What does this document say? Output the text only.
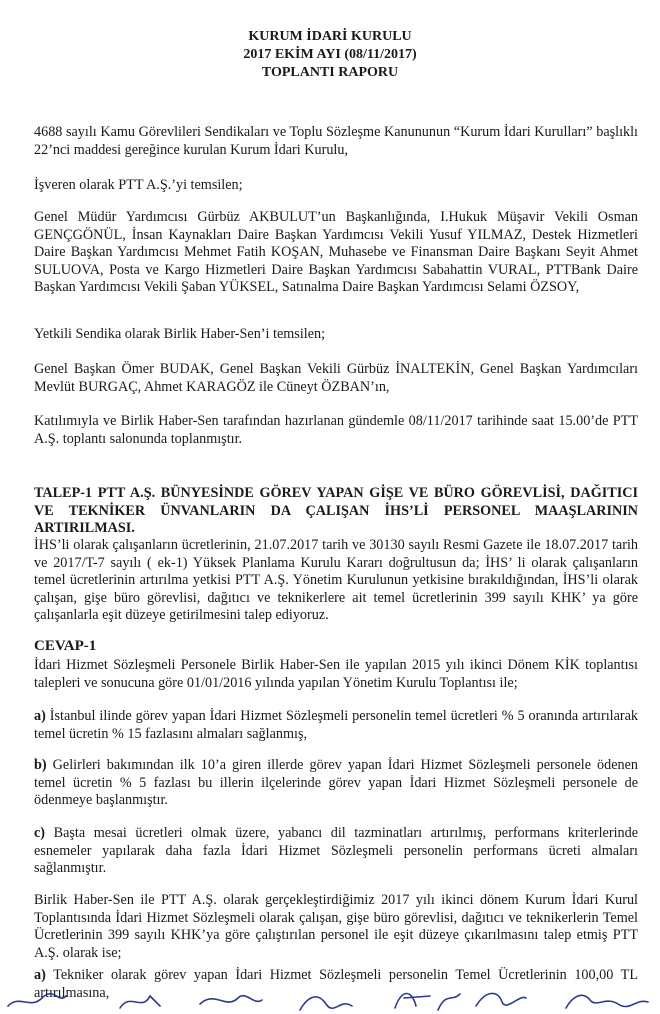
KURUM İDARİ KURULU
2017 EKİM AYI (08/11/2017)
TOPLANTI RAPORU

4688 sayılı Kamu Görevlileri Sendikaları ve Toplu Sözleşme Kanununun “Kurum İdari Kurulları” başlıklı 22’nci maddesi gereğince kurulan Kurum İdari Kurulu,

İşveren olarak PTT A.Ş.’yi temsilen;

Genel Müdür Yardımcısı Gürbüz AKBULUT’un Başkanlığında, I.Hukuk Müşavir Vekili Osman GENÇGÖNÜL, İnsan Kaynakları Daire Başkan Yardımcısı Vekili Yusuf YILMAZ, Destek Hizmetleri Daire Başkan Yardımcısı Mehmet Fatih KOŞAN, Muhasebe ve Finansman Daire Başkanı Seyit Ahmet SULUOVA, Posta ve Kargo Hizmetleri Daire Başkan Yardımcısı Sabahattin VURAL, PTTBank Daire Başkan Yardımcısı Vekili Şaban YÜKSEL, Satınalma Daire Başkan Yardımcısı Selami ÖZSOY,

Yetkili Sendika olarak Birlik Haber-Sen’i temsilen;

Genel Başkan Ömer BUDAK, Genel Başkan Vekili Gürbüz İNALTEKİN, Genel Başkan Yardımcıları Mevlüt BURGAÇ, Ahmet KARAGÖZ ile Cüneyt ÖZBAN’ın,

Katılımıyla ve Birlik Haber-Sen tarafından hazırlanan gündemle 08/11/2017 tarihinde saat 15.00’de PTT A.Ş. toplantı salonunda toplanmıştır.

TALEP-1 PTT A.Ş. BÜNYESİNDE GÖREV YAPAN GİŞE VE BÜRO GÖREVLİSİ, DAĞITICI VE TEKNİKER ÜNVANLARIN DA ÇALIŞAN İHS’Lİ PERSONEL MAAŞLARININ ARTIRILMASI.

İHS’li olarak çalışanların ücretlerinin, 21.07.2017 tarih ve 30130 sayılı Resmi Gazete ile 18.07.2017 tarih ve 2017/T-7 sayılı ( ek-1) Yüksek Planlama Kurulu Kararı doğrultusun da; İHS’ li olarak çalışanların temel ücretlerinin artırılma yetkisi PTT A.Ş. Yönetim Kurulunun yetkisine bırakıldığından, İHS’li olarak çalışan, gişe büro görevlisi, dağıtıcı ve teknikerlere ait temel ücretlerinin 399 sayılı KHK’ ya göre çalışanlarla eşit düzeye getirilmesini talep ediyoruz.

CEVAP-1

İdari Hizmet Sözleşmeli Personele Birlik Haber-Sen ile yapılan 2015 yılı ikinci Dönem KİK toplantısı talepleri ve sonucuna göre 01/01/2016 yılında yapılan Yönetim Kurulu Toplantısı ile;

a) İstanbul ilinde görev yapan İdari Hizmet Sözleşmeli personelin temel ücretleri % 5 oranında artırılarak temel ücretin % 15 fazlasını almaları sağlanmış,

b) Gelirleri bakımından ilk 10’a giren illerde görev yapan İdari Hizmet Sözleşmeli personele ödenen temel ücretin % 5 fazlası bu illerin ilçelerinde görev yapan İdari Hizmet Sözleşmeli personele de ödenmeye başlanmıştır.

c) Başta mesai ücretleri olmak üzere, yabancı dil tazminatları artırılmış, performans kriterlerinde esnemeler yapılarak daha fazla İdari Hizmet Sözleşmeli personelin performans ücreti almaları sağlanmıştır.

Birlik Haber-Sen ile PTT A.Ş. olarak gerçekleştirdiğimiz 2017 yılı ikinci dönem Kurum İdari Kurul Toplantısında İdari Hizmet Sözleşmeli olarak çalışan, gişe büro görevlisi, dağıtıcı ve teknikerlerin Temel Ücretlerinin 399 sayılı KHK’ya göre çalıştırılan personel ile eşit düzeye çıkarılmasını talep etmiş PTT A.Ş. olarak ise;

a) Tekniker olarak görev yapan İdari Hizmet Sözleşmeli personelin Temel Ücretlerinin 100,00 TL artırılmasına,
